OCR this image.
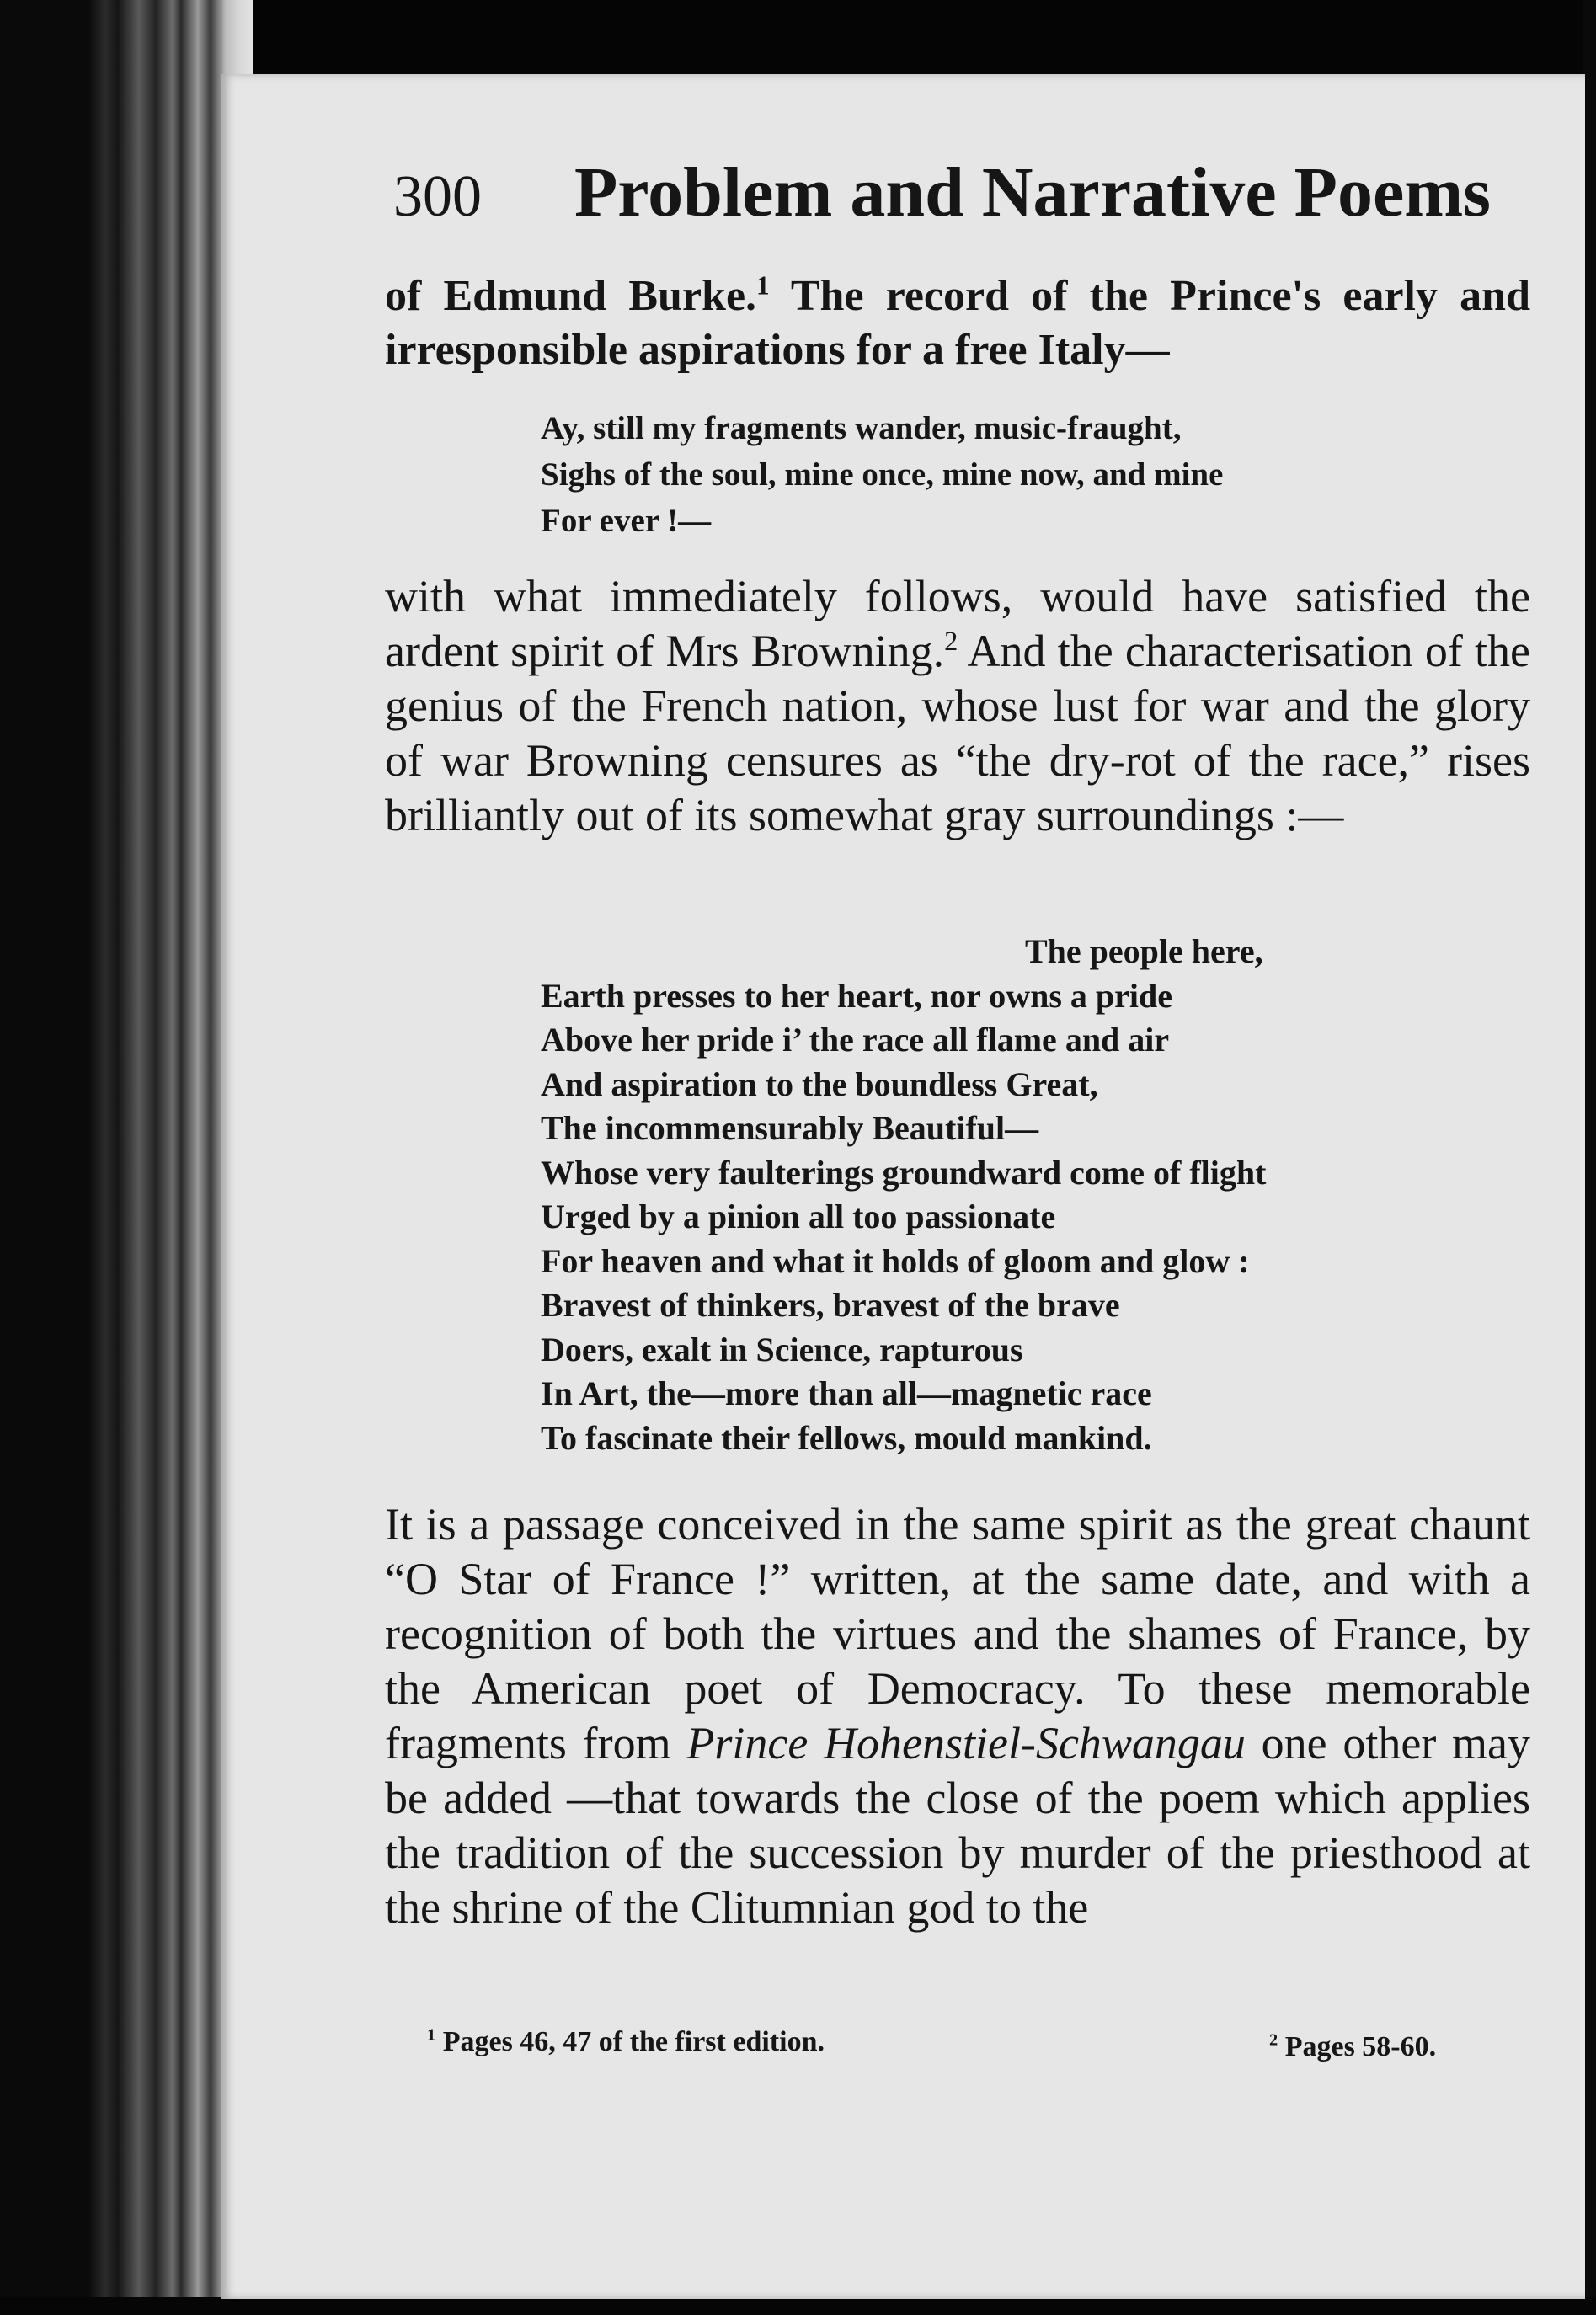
300 Problem and Narrative Poems
of Edmund Burke.$^1$ The record of the Prince's early and irresponsible aspirations for a free Italy—
Ay, still my fragments wander, music-fraught,
Sighs of the soul, mine once, mine now, and mine
For ever !—
with what immediately follows, would have satisfied the ardent spirit of Mrs Browning.$^2$ And the characterisation of the genius of the French nation, whose lust for war and the glory of war Browning censures as “the dry-rot of the race,” rises brilliantly out of its somewhat gray surroundings :—
The people here,
Earth presses to her heart, nor owns a pride
Above her pride i’ the race all flame and air
And aspiration to the boundless Great,
The incommensurably Beautiful—
Whose very faulterings groundward come of flight
Urged by a pinion all too passionate
For heaven and what it holds of gloom and glow :
Bravest of thinkers, bravest of the brave
Doers, exalt in Science, rapturous
In Art, the—more than all—magnetic race
To fascinate their fellows, mould mankind.
It is a passage conceived in the same spirit as the great chaunt “O Star of France !” written, at the same date, and with a recognition of both the virtues and the shames of France, by the American poet of Democracy. To these memorable fragments from Prince Hohenstiel-Schwangau one other may be added —that towards the close of the poem which applies the tradition of the succession by murder of the priesthood at the shrine of the Clitumnian god to the
$^1$ Pages 46, 47 of the first edition.	$^2$ Pages 58-60.
